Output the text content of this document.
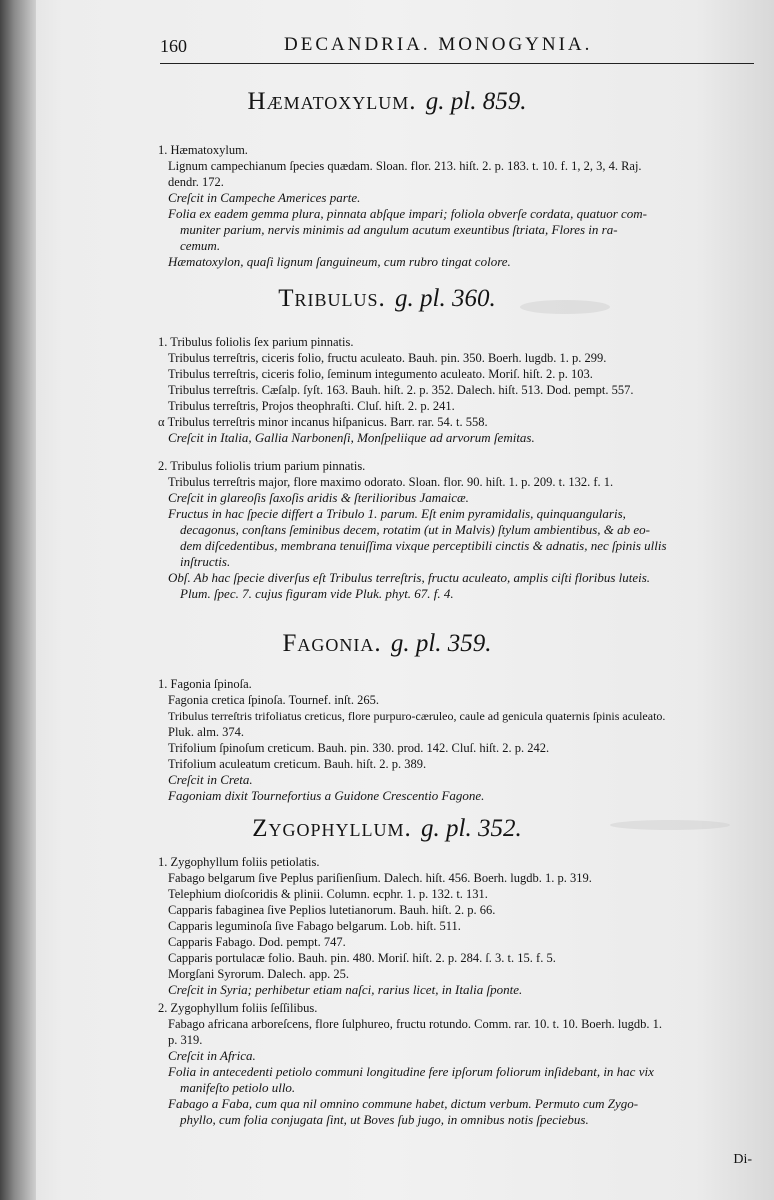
160	DECANDRIA. MONOGYNIA.
Hæmatoxylum. g. pl. 859.
1. Hæmatoxylum.
Lignum campechianum ſpecies quædam. Sloan. flor. 213. hiſt. 2. p. 183. t. 10. f. 1, 2, 3, 4. Raj.
dendr. 172.
Creſcit in Campeche Americes parte.
Folia ex eadem gemma plura, pinnata abſque impari; foliola obverſe cordata, quatuor com-
muniter parium, nervis minimis ad angulum acutum exeuntibus ſtriata, Flores in ra-
cemum.
Hæmatoxylon, quaſi lignum ſanguineum, cum rubro tingat colore.
Tribulus. g. pl. 360.
1. Tribulus foliolis ſex parium pinnatis.
Tribulus terreſtris, ciceris folio, fructu aculeato. Bauh. pin. 350. Boerh. lugdb. 1. p. 299.
Tribulus terreſtris, ciceris folio, ſeminum integumento aculeato. Moriſ. hiſt. 2. p. 103.
Tribulus terreſtris. Cæſalp. ſyſt. 163. Bauh. hiſt. 2. p. 352. Dalech. hiſt. 513. Dod. pempt. 557.
Tribulus terreſtris, Projos theophraſti. Cluſ. hiſt. 2. p. 241.
α Tribulus terreſtris minor incanus hiſpanicus. Barr. rar. 54. t. 558.
Creſcit in Italia, Gallia Narbonenſi, Monſpeliique ad arvorum ſemitas.
2. Tribulus foliolis trium parium pinnatis.
Tribulus terreſtris major, flore maximo odorato. Sloan. flor. 90. hiſt. 1. p. 209. t. 132. f. 1.
Creſcit in glareoſis ſaxoſis aridis & ſterilioribus Jamaicæ.
Fructus in hac ſpecie differt a Tribulo 1. parum. Eſt enim pyramidalis, quinquangularis,
decagonus, conſtans ſeminibus decem, rotatim (ut in Malvis) ſtylum ambientibus, & ab eo-
dem diſcedentibus, membrana tenuiſſima vixque perceptibili cinctis & adnatis, nec ſpinis ullis
inſtructis.
Obſ. Ab hac ſpecie diverſus eſt Tribulus terreſtris, fructu aculeato, amplis ciſti floribus luteis.
Plum. ſpec. 7. cujus figuram vide Pluk. phyt. 67. f. 4.
Fagonia. g. pl. 359.
1. Fagonia ſpinoſa.
Fagonia cretica ſpinoſa. Tournef. inſt. 265.
Tribulus terreſtris trifoliatus creticus, flore purpuro-cæruleo, caule ad genicula quaternis ſpinis aculeato.
Pluk. alm. 374.
Trifolium ſpinoſum creticum. Bauh. pin. 330. prod. 142. Cluſ. hiſt. 2. p. 242.
Trifolium aculeatum creticum. Bauh. hiſt. 2. p. 389.
Creſcit in Creta.
Fagoniam dixit Tournefortius a Guidone Crescentio Fagone.
Zygophyllum. g. pl. 352.
1. Zygophyllum foliis petiolatis.
Fabago belgarum ſive Peplus pariſienſium. Dalech. hiſt. 456. Boerh. lugdb. 1. p. 319.
Telephium dioſcoridis & plinii. Column. ecphr. 1. p. 132. t. 131.
Capparis fabaginea ſive Peplios lutetianorum. Bauh. hiſt. 2. p. 66.
Capparis leguminoſa ſive Fabago belgarum. Lob. hiſt. 511.
Capparis Fabago. Dod. pempt. 747.
Capparis portulacæ folio. Bauh. pin. 480. Moriſ. hiſt. 2. p. 284. ſ. 3. t. 15. f. 5.
Morgſani Syrorum. Dalech. app. 25.
Creſcit in Syria; perhibetur etiam naſci, rarius licet, in Italia ſponte.
2. Zygophyllum foliis ſeſſilibus.
Fabago africana arboreſcens, flore ſulphureo, fructu rotundo. Comm. rar. 10. t. 10. Boerh. lugdb. 1.
p. 319.
Creſcit in Africa.
Folia in antecedenti petiolo communi longitudine fere ipſorum foliorum inſidebant, in hac vix
manifeſto petiolo ullo.
Fabago a Faba, cum qua nil omnino commune habet, dictum verbum. Permuto cum Zygo-
phyllo, cum folia conjugata ſint, ut Boves ſub jugo, in omnibus notis ſpeciebus.
Di-
